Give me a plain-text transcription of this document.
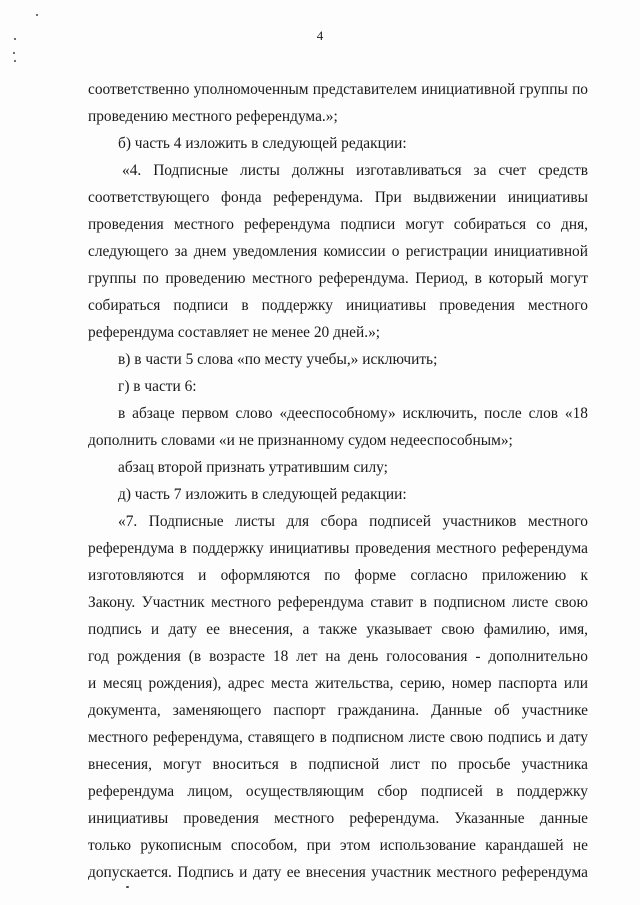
4
соответственно уполномоченным представителем инициативной группы по
проведению местного референдума.»;
б) часть 4 изложить в следующей редакции:
«4. Подписные листы должны изготавливаться за счет средств
соответствующего фонда референдума. При выдвижении инициативы
проведения местного референдума подписи могут собираться со дня,
следующего за днем уведомления комиссии о регистрации инициативной
группы по проведению местного референдума. Период, в который могут
собираться подписи в поддержку инициативы проведения местного
референдума составляет не менее 20 дней.»;
в) в части 5 слова «по месту учебы,» исключить;
г) в части 6:
в абзаце первом слово «дееспособному» исключить, после слов «18
дополнить словами «и не признанному судом недееспособным»;
абзац второй признать утратившим силу;
д) часть 7 изложить в следующей редакции:
«7. Подписные листы для сбора подписей участников местного
референдума в поддержку инициативы проведения местного референдума
изготовляются и оформляются по форме согласно приложению к
Закону. Участник местного референдума ставит в подписном листе свою
подпись и дату ее внесения, а также указывает свою фамилию, имя,
год рождения (в возрасте 18 лет на день голосования - дополнительно
и месяц рождения), адрес места жительства, серию, номер паспорта или
документа, заменяющего паспорт гражданина. Данные об участнике
местного референдума, ставящего в подписном листе свою подпись и дату
внесения, могут вноситься в подписной лист по просьбе участника
референдума лицом, осуществляющим сбор подписей в поддержку
инициативы проведения местного референдума. Указанные данные
только рукописным способом, при этом использование карандашей не
допускается. Подпись и дату ее внесения участник местного референдума
